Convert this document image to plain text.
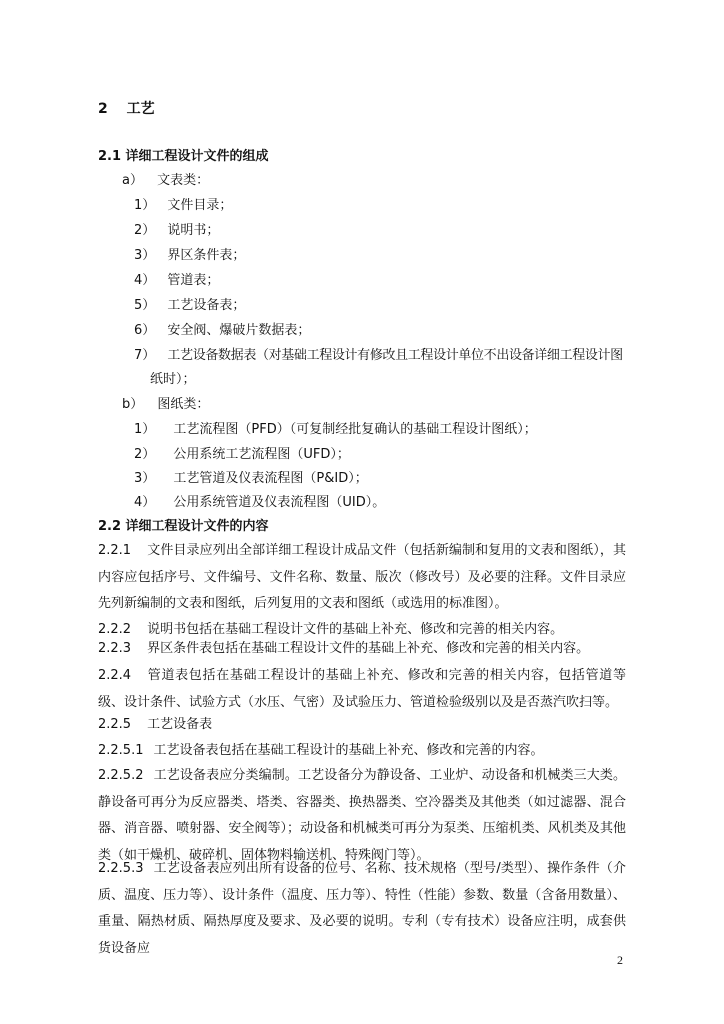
2 工艺
2.1 详细工程设计文件的组成
a） 文表类：
1） 文件目录；
2） 说明书；
3） 界区条件表；
4） 管道表；
5） 工艺设备表；
6） 安全阀、爆破片数据表；
7） 工艺设备数据表（对基础工程设计有修改且工程设计单位不出设备详细工程设计图
纸时）；
b） 图纸类：
1） 工艺流程图（PFD）（可复制经批复确认的基础工程设计图纸）；
2） 公用系统工艺流程图（UFD）；
3） 工艺管道及仪表流程图（P&ID）；
4） 公用系统管道及仪表流程图（UID）。
2.2 详细工程设计文件的内容
2.2.1 文件目录应列出全部详细工程设计成品文件（包括新编制和复用的文表和图纸），其内容应包括序号、文件编号、文件名称、数量、版次（修改号）及必要的注释。文件目录应先列新编制的文表和图纸，后列复用的文表和图纸（或选用的标准图）。
2.2.2 说明书包括在基础工程设计文件的基础上补充、修改和完善的相关内容。
2.2.3 界区条件表包括在基础工程设计文件的基础上补充、修改和完善的相关内容。
2.2.4 管道表包括在基础工程设计的基础上补充、修改和完善的相关内容，包括管道等级、设计条件、试验方式（水压、气密）及试验压力、管道检验级别以及是否蒸汽吹扫等。
2.2.5 工艺设备表
2.2.5.1 工艺设备表包括在基础工程设计的基础上补充、修改和完善的内容。
2.2.5.2 工艺设备表应分类编制。工艺设备分为静设备、工业炉、动设备和机械类三大类。静设备可再分为反应器类、塔类、容器类、换热器类、空冷器类及其他类（如过滤器、混合器、消音器、喷射器、安全阀等）；动设备和机械类可再分为泵类、压缩机类、风机类及其他类（如干燥机、破碎机、固体物料输送机、特殊阀门等）。
2.2.5.3 工艺设备表应列出所有设备的位号、名称、技术规格（型号/类型）、操作条件（介质、温度、压力等）、设计条件（温度、压力等）、特性（性能）参数、数量（含备用数量）、重量、隔热材质、隔热厚度及要求、及必要的说明。专利（专有技术）设备应注明，成套供货设备应
2
